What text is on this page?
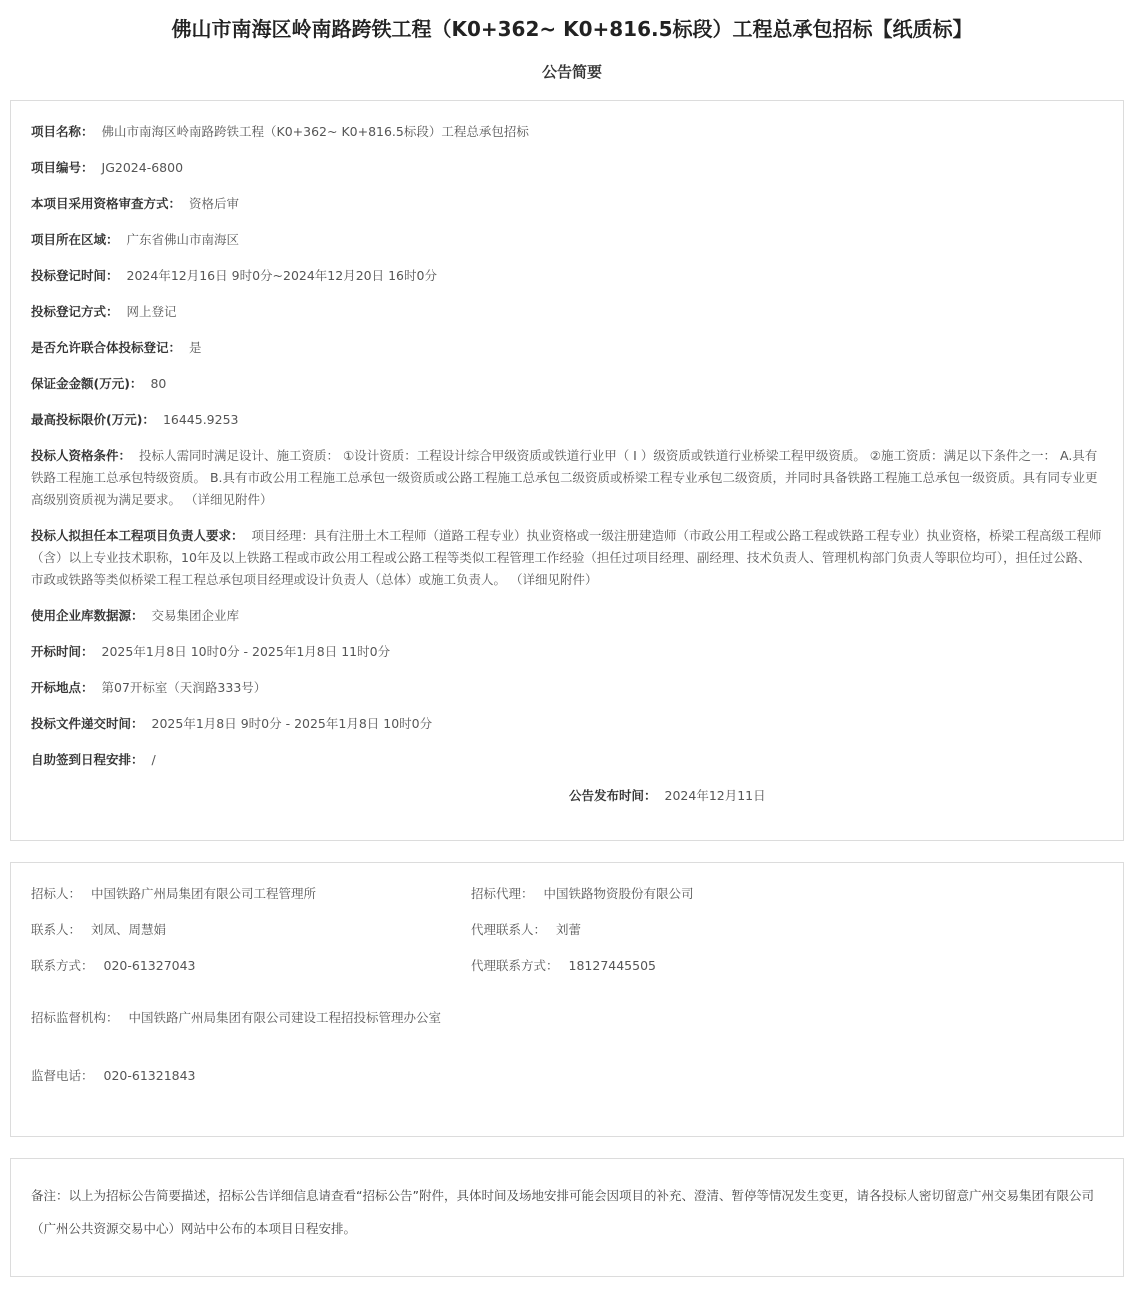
佛山市南海区岭南路跨铁工程（K0+362~ K0+816.5标段）工程总承包招标【纸质标】
公告简要
项目名称： 佛山市南海区岭南路跨铁工程（K0+362~ K0+816.5标段）工程总承包招标
项目编号： JG2024-6800
本项目采用资格审查方式： 资格后审
项目所在区域： 广东省佛山市南海区
投标登记时间： 2024年12月16日 9时0分~2024年12月20日 16时0分
投标登记方式： 网上登记
是否允许联合体投标登记： 是
保证金金额(万元)： 80
最高投标限价(万元)： 16445.9253
投标人资格条件： 投标人需同时满足设计、施工资质： ①设计资质：工程设计综合甲级资质或铁道行业甲（ Ⅰ ）级资质或铁道行业桥梁工程甲级资质。 ②施工资质：满足以下条件之一： A.具有铁路工程施工总承包特级资质。 B.具有市政公用工程施工总承包一级资质或公路工程施工总承包二级资质或桥梁工程专业承包二级资质，并同时具备铁路工程施工总承包一级资质。具有同专业更高级别资质视为满足要求。 （详细见附件）
投标人拟担任本工程项目负责人要求： 项目经理：具有注册土木工程师（道路工程专业）执业资格或一级注册建造师（市政公用工程或公路工程或铁路工程专业）执业资格，桥梁工程高级工程师（含）以上专业技术职称，10年及以上铁路工程或市政公用工程或公路工程等类似工程管理工作经验（担任过项目经理、副经理、技术负责人、管理机构部门负责人等职位均可），担任过公路、市政或铁路等类似桥梁工程工程总承包项目经理或设计负责人（总体）或施工负责人。 （详细见附件）
使用企业库数据源： 交易集团企业库
开标时间： 2025年1月8日 10时0分 - 2025年1月8日 11时0分
开标地点： 第07开标室（天润路333号）
投标文件递交时间： 2025年1月8日 9时0分 - 2025年1月8日 10时0分
自助签到日程安排： /
公告发布时间： 2024年12月11日
招标人： 中国铁路广州局集团有限公司工程管理所	招标代理： 中国铁路物资股份有限公司
联系人： 刘凤、周慧娟	代理联系人： 刘蕾
联系方式： 020-61327043	代理联系方式： 18127445505
招标监督机构： 中国铁路广州局集团有限公司建设工程招投标管理办公室
监督电话： 020-61321843
备注：以上为招标公告简要描述，招标公告详细信息请查看“招标公告”附件，具体时间及场地安排可能会因项目的补充、澄清、暂停等情况发生变更，请各投标人密切留意广州交易集团有限公司（广州公共资源交易中心）网站中公布的本项目日程安排。
